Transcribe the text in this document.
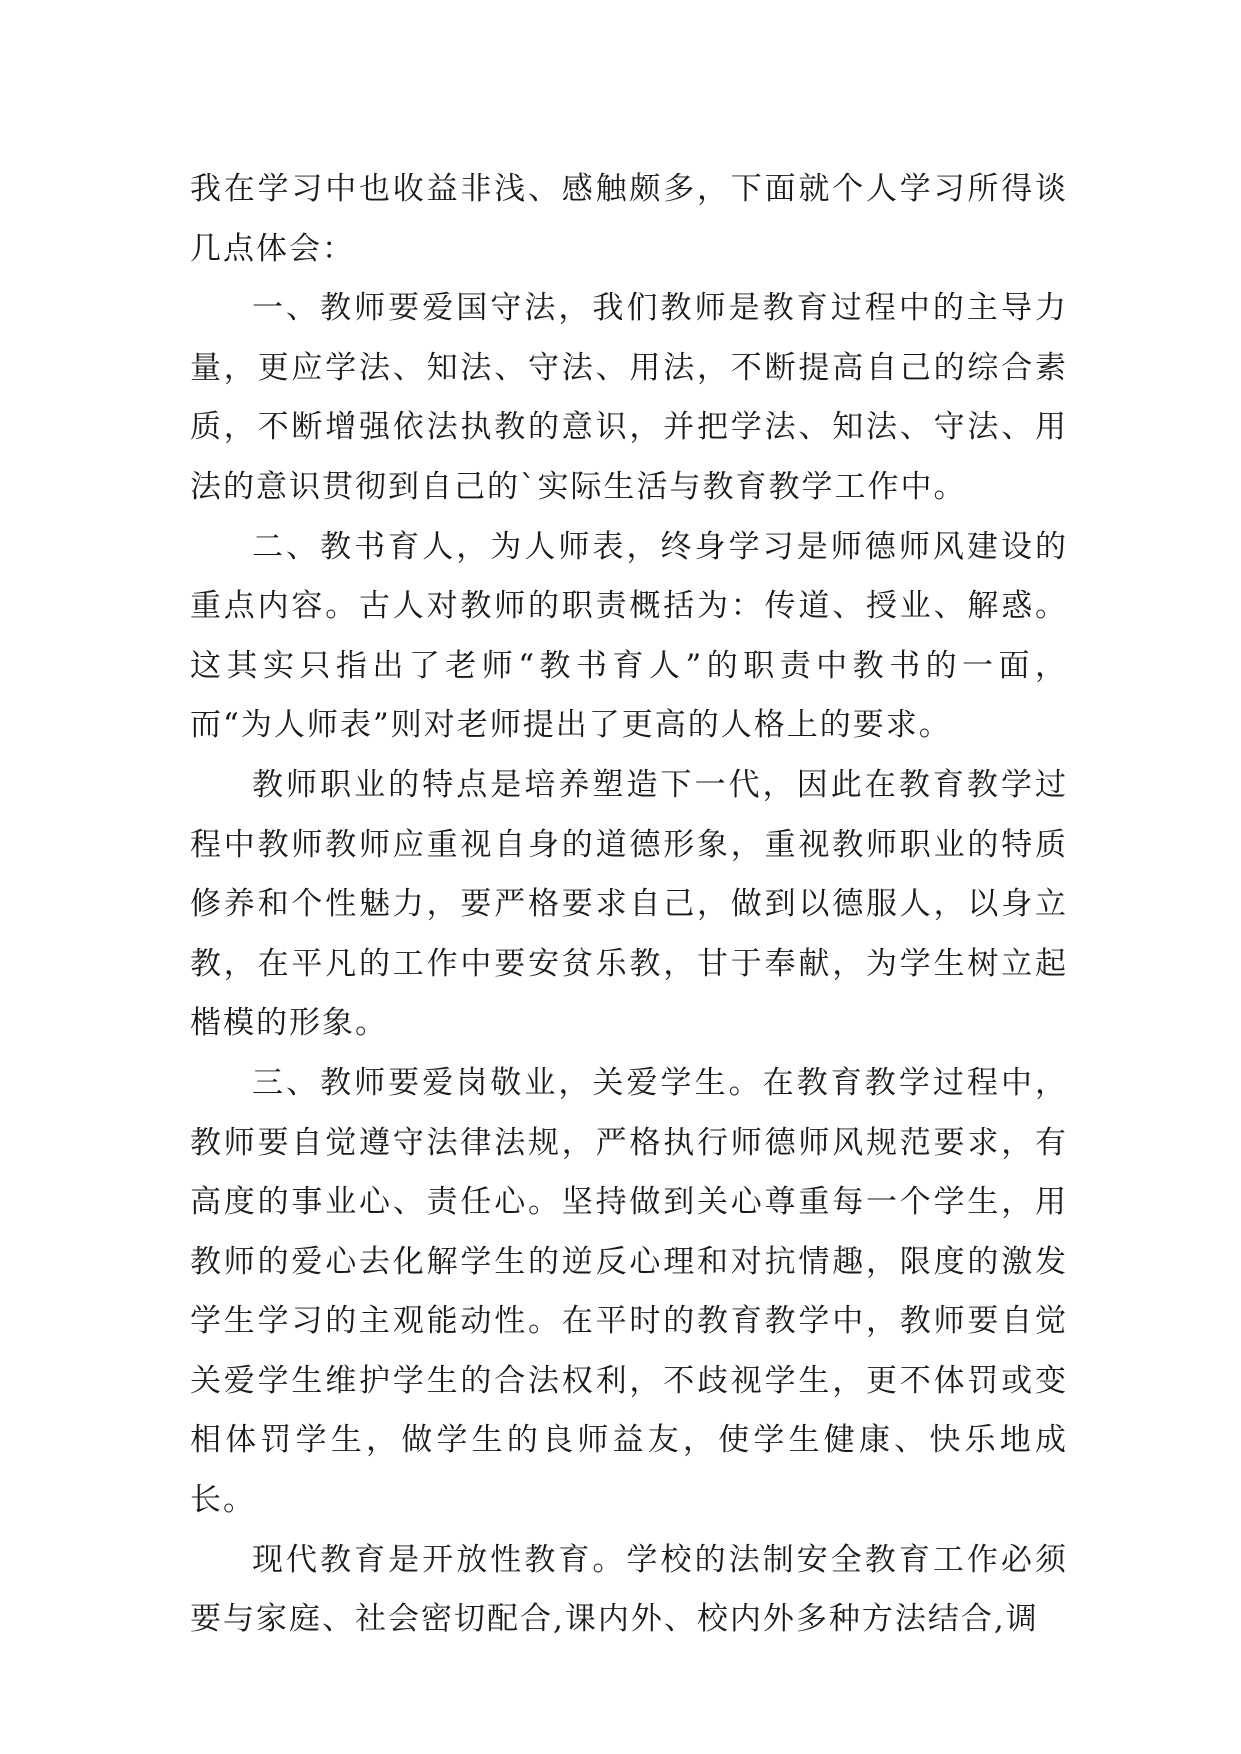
我在学习中也收益非浅、感触颇多，下面就个人学习所得谈几点体会：

一、教师要爱国守法，我们教师是教育过程中的主导力量，更应学法、知法、守法、用法，不断提高自己的综合素质，不断增强依法执教的意识，并把学法、知法、守法、用法的意识贯彻到自己的`实际生活与教育教学工作中。

二、教书育人，为人师表，终身学习是师德师风建设的重点内容。古人对教师的职责概括为：传道、授业、解惑。这其实只指出了老师“教书育人”的职责中教书的一面，而“为人师表”则对老师提出了更高的人格上的要求。

教师职业的特点是培养塑造下一代，因此在教育教学过程中教师教师应重视自身的道德形象，重视教师职业的特质修养和个性魅力，要严格要求自己，做到以德服人，以身立教，在平凡的工作中要安贫乐教，甘于奉献，为学生树立起楷模的形象。

三、教师要爱岗敬业，关爱学生。在教育教学过程中，教师要自觉遵守法律法规，严格执行师德师风规范要求，有高度的事业心、责任心。坚持做到关心尊重每一个学生，用教师的爱心去化解学生的逆反心理和对抗情趣，限度的激发学生学习的主观能动性。在平时的教育教学中，教师要自觉关爱学生维护学生的合法权利，不歧视学生，更不体罚或变相体罚学生，做学生的良师益友，使学生健康、快乐地成长。

现代教育是开放性教育。学校的法制安全教育工作必须要与家庭、社会密切配合,课内外、校内外多种方法结合,调
